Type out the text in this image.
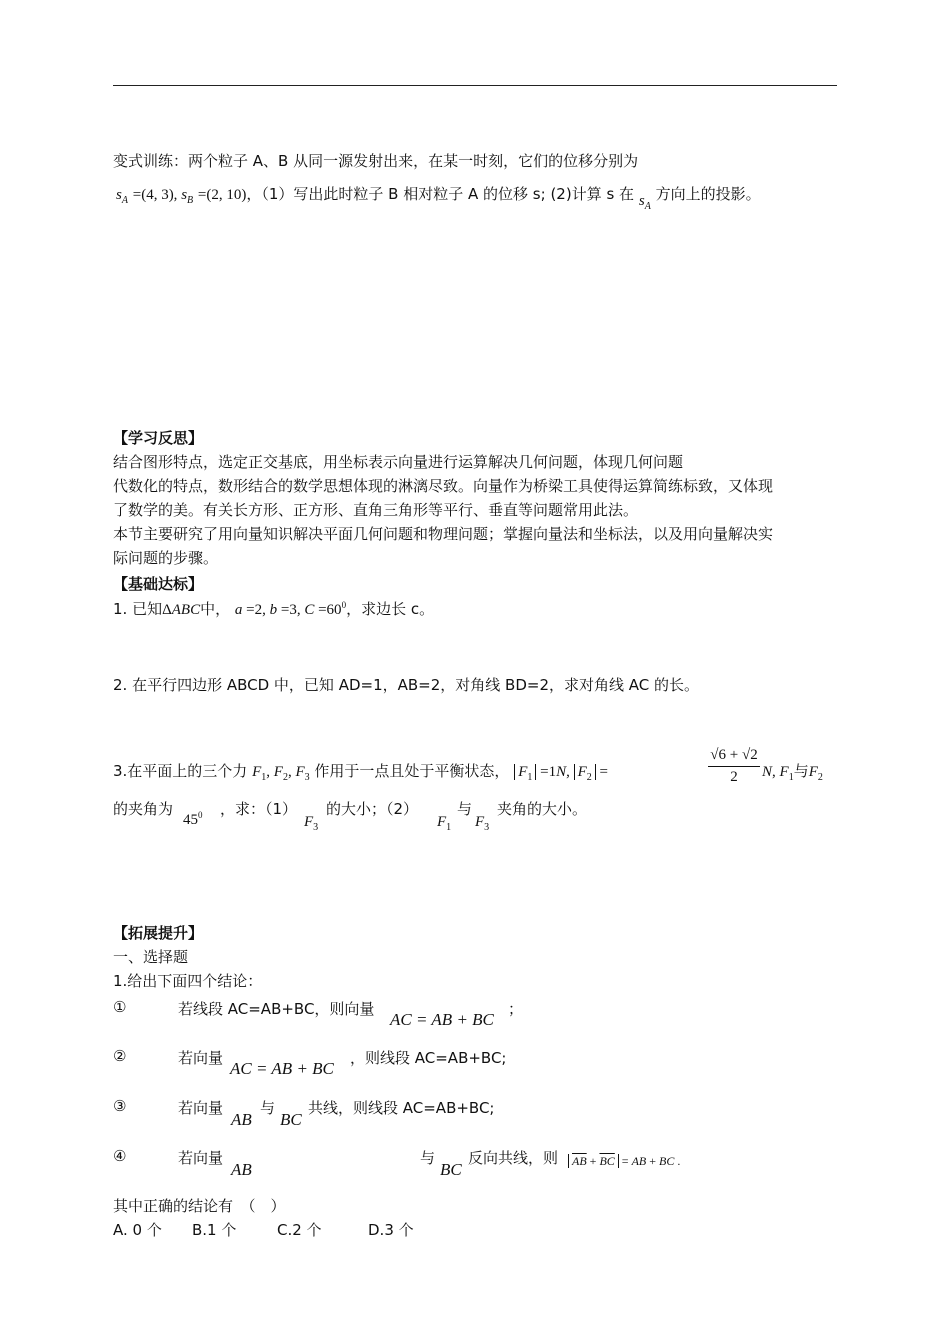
变式训练：两个粒子 A、B 从同一源发射出来，在某一时刻，它们的位移分别为
$s_A =(4$, 3), $s_B =(2$, 10)，（1）写出此时粒子 B 相对粒子 A 的位移 s; (2)计算 s 在 $s_A$ 方向上的投影。
【学习反思】
结合图形特点，选定正交基底，用坐标表示向量进行运算解决几何问题，体现几何问题
代数化的特点，数形结合的数学思想体现的淋漓尽致。向量作为桥梁工具使得运算简练标致，又体现
了数学的美。有关长方形、正方形、直角三角形等平行、垂直等问题常用此法。
本节主要研究了用向量知识解决平面几何问题和物理问题；掌握向量法和坐标法，以及用向量解决实
际问题的步骤。
【基础达标】
1. 已知ΔABC中， a =2, b =3, $C =60^0$，求边长 c。
2. 在平行四边形 ABCD 中，已知 AD=1，AB=2，对角线 BD=2，求对角线 AC 的长。
3.在平面上的三个力 $F_1$, $F_2$, $F_3$ 作用于一点且处于平衡状态， $F_1 =1N$, $F_2$ =
√6 + √2
2	N, $F_1$与$F_2$
的夹角为
$45^0$ ，求：（1）
$F_3$
的大小；（2）
$F_1$
与
$F_3$
夹角的大小。
【拓展提升】
一、选择题
1.给出下面四个结论：
①	若线段 AC=AB+BC，则向量
AC = AB + BC
；
②	若向量
AC = AB + BC
，则线段 AC=AB+BC;
③	若向量
AB
与
BC
共线，则线段 AC=AB+BC;
④	若向量
AB
与
BC
反向共线，则	$\overline{AB} + \overline{BC}$ = AB + BC .
其中正确的结论有　（　）
A. 0 个 B.1 个	C.2 个	D.3 个
